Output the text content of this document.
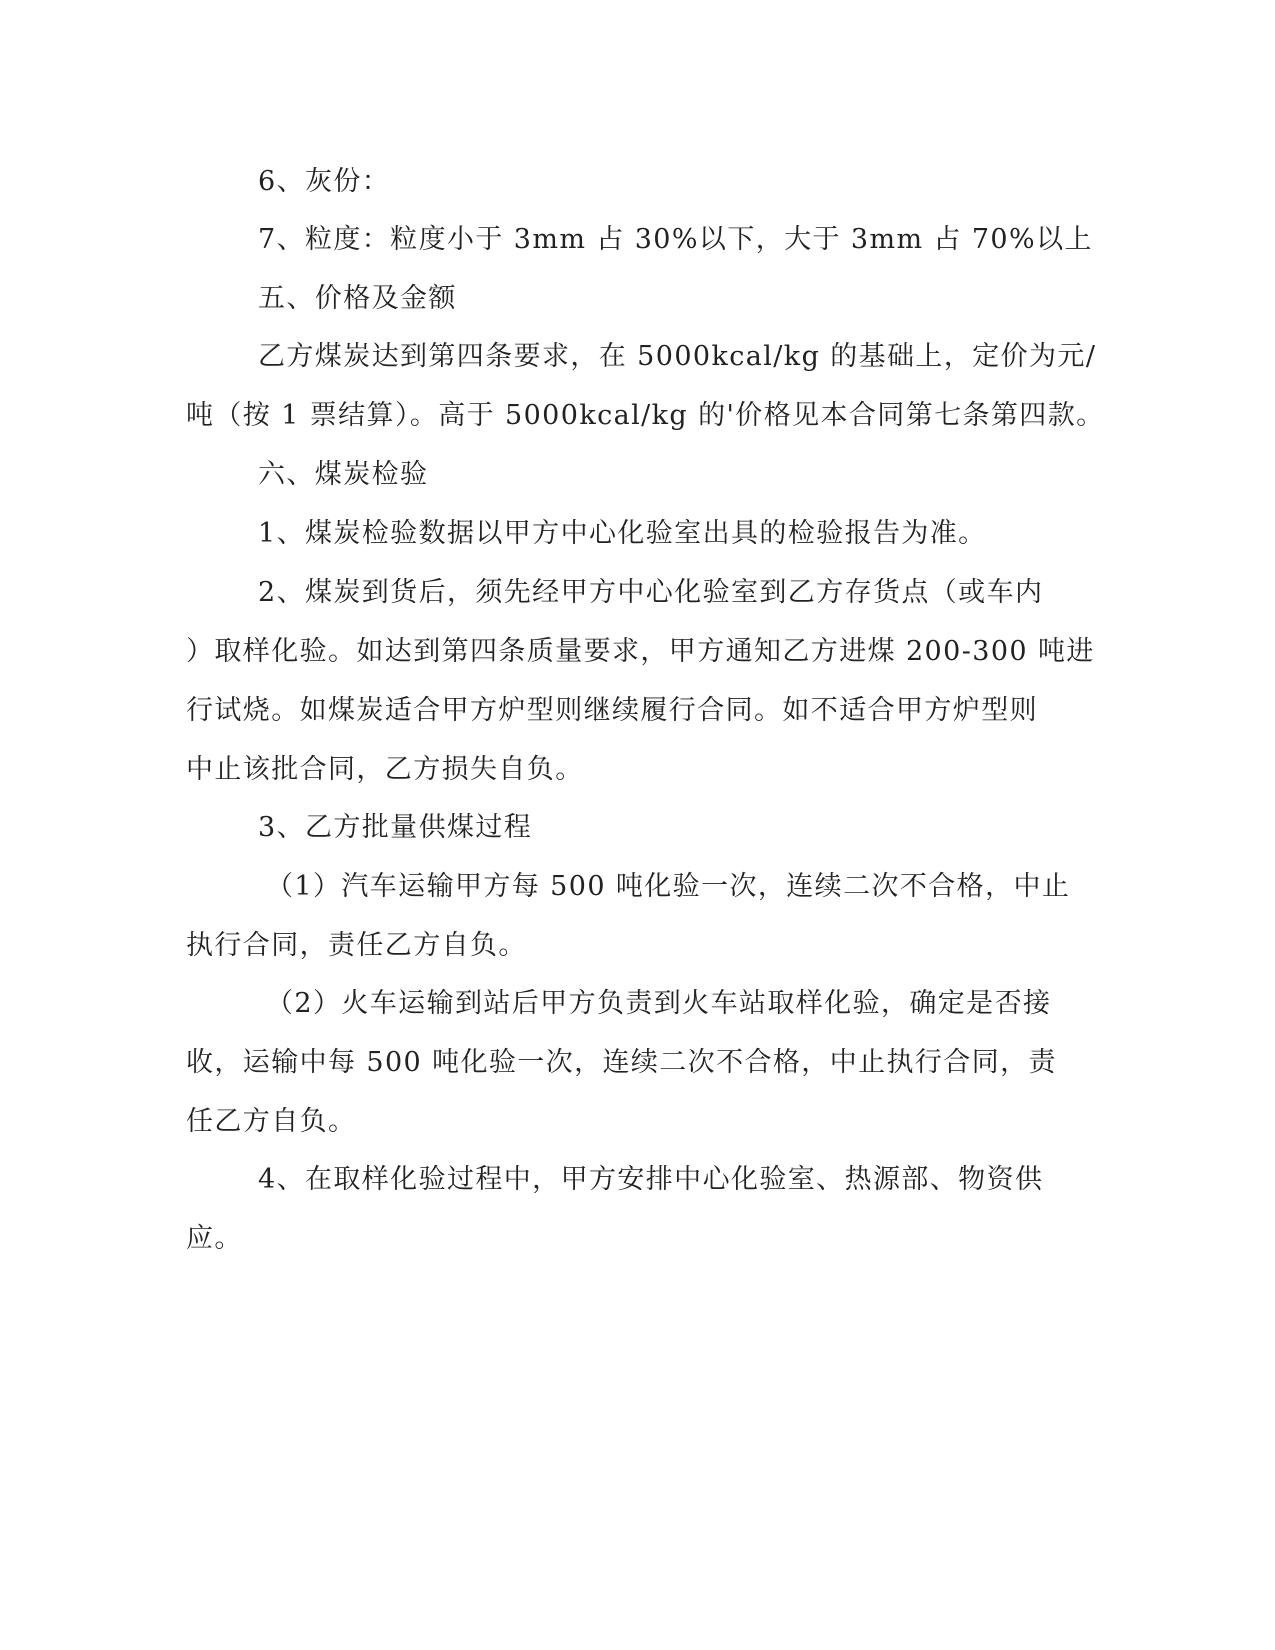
6、灰份：
7、粒度：粒度小于 3mm 占 30%以下，大于 3mm 占 70%以上
五、价格及金额
乙方煤炭达到第四条要求，在 5000kcal/kg 的基础上，定价为元/
吨（按 1 票结算）。高于 5000kcal/kg 的'价格见本合同第七条第四款。
六、煤炭检验
1、煤炭检验数据以甲方中心化验室出具的检验报告为准。
2、煤炭到货后，须先经甲方中心化验室到乙方存货点（或车内
）取样化验。如达到第四条质量要求，甲方通知乙方进煤 200-300 吨进
行试烧。如煤炭适合甲方炉型则继续履行合同。如不适合甲方炉型则
中止该批合同，乙方损失自负。
3、乙方批量供煤过程
（1）汽车运输甲方每 500 吨化验一次，连续二次不合格，中止
执行合同，责任乙方自负。
（2）火车运输到站后甲方负责到火车站取样化验，确定是否接
收，运输中每 500 吨化验一次，连续二次不合格，中止执行合同，责
任乙方自负。
4、在取样化验过程中，甲方安排中心化验室、热源部、物资供
应。
